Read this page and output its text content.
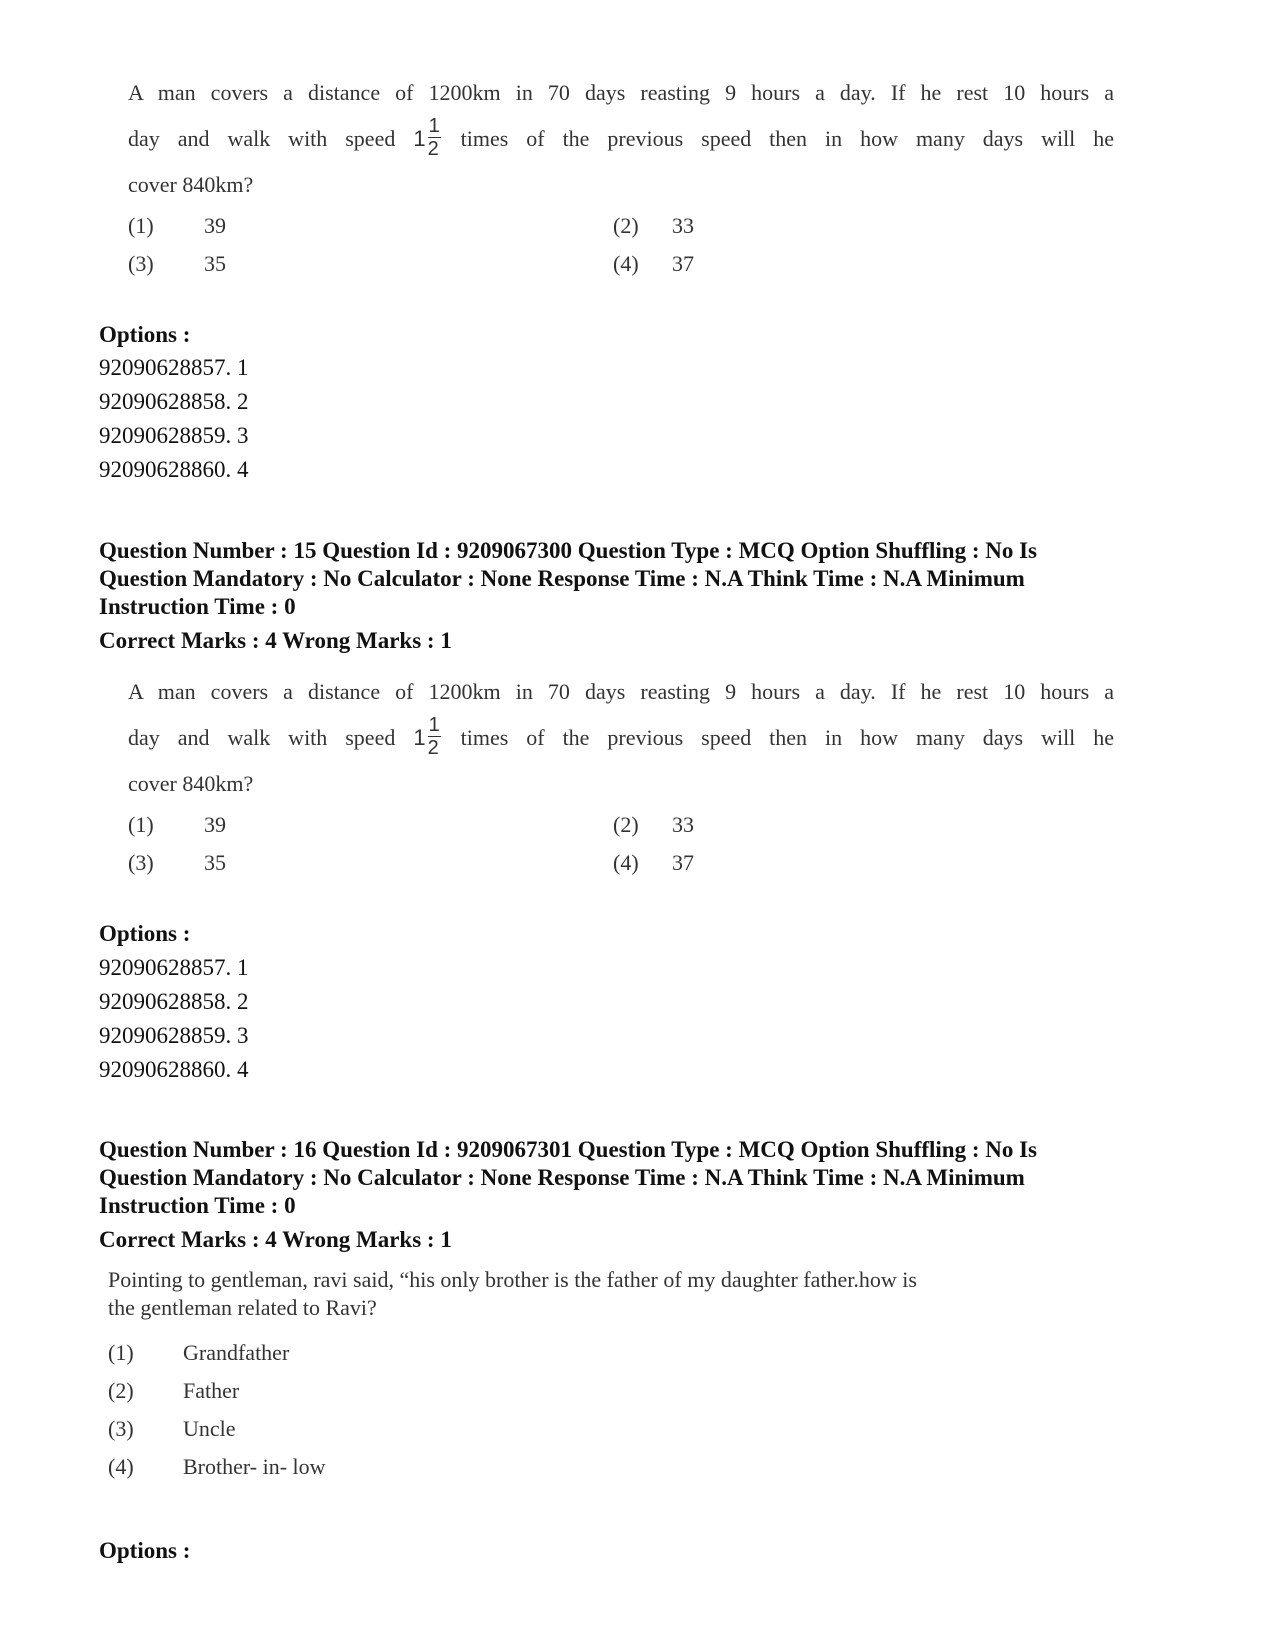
A man covers a distance of 1200km in 70 days reasting 9 hours a day. If he rest 10 hours a
day and walk with speed $1 \frac{1}{2}$ times of the previous speed then in how many days will he
cover 840km?
(1) 39	(2) 33
(3) 35	(4) 37
Options :
92090628857. 1
92090628858. 2
92090628859. 3
92090628860. 4
Question Number : 15 Question Id : 9209067300 Question Type : MCQ Option Shuffling : No Is
Question Mandatory : No Calculator : None Response Time : N.A Think Time : N.A Minimum
Instruction Time : 0
Correct Marks : 4 Wrong Marks : 1
A man covers a distance of 1200km in 70 days reasting 9 hours a day. If he rest 10 hours a
day and walk with speed $1 \frac{1}{2}$ times of the previous speed then in how many days will he
cover 840km?
(1) 39	(2) 33
(3) 35	(4) 37
Options :
92090628857. 1
92090628858. 2
92090628859. 3
92090628860. 4
Question Number : 16 Question Id : 9209067301 Question Type : MCQ Option Shuffling : No Is
Question Mandatory : No Calculator : None Response Time : N.A Think Time : N.A Minimum
Instruction Time : 0
Correct Marks : 4 Wrong Marks : 1
Pointing to gentleman, ravi said, “his only brother is the father of my daughter father.how is
the gentleman related to Ravi?
(1) Grandfather
(2) Father
(3) Uncle
(4) Brother- in- low
Options :
